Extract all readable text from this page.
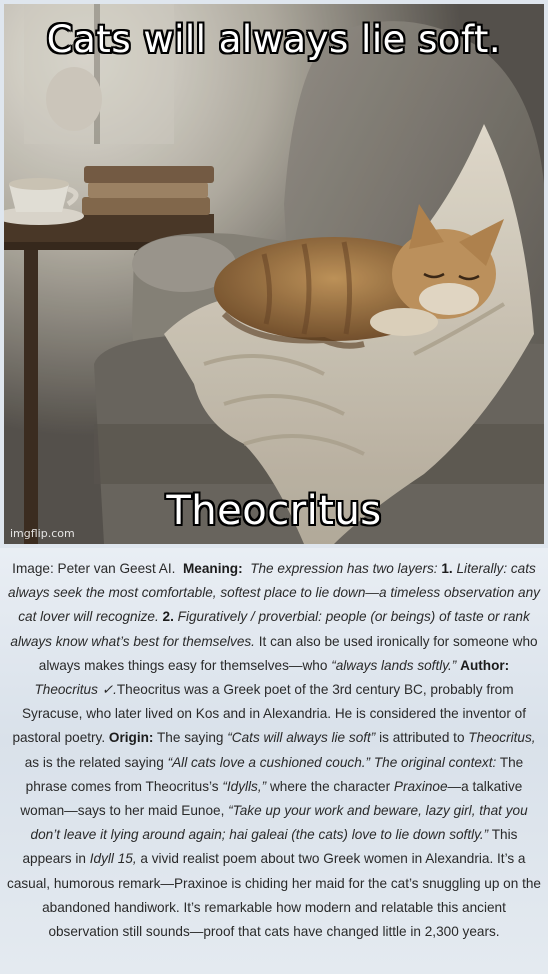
Cats will always lie soft.
Theocritus
imgflip.com

Image: Peter van Geest AI. Meaning: The expression has two layers: 1. Literally: cats always seek the most comfortable, softest place to lie down—a timeless observation any cat lover will recognize. 2. Figuratively / proverbial: people (or beings) of taste or rank always know what’s best for themselves. It can also be used ironically for someone who always makes things easy for themselves—who “always lands softly.” Author: Theocritus ✓.Theocritus was a Greek poet of the 3rd century BC, probably from Syracuse, who later lived on Kos and in Alexandria. He is considered the inventor of pastoral poetry. Origin: The saying “Cats will always lie soft” is attributed to Theocritus, as is the related saying “All cats love a cushioned couch.” The original context: The phrase comes from Theocritus’s “Idylls,” where the character Praxinoe—a talkative woman—says to her maid Eunoe, “Take up your work and beware, lazy girl, that you don’t leave it lying around again; hai galeai (the cats) love to lie down softly.” This appears in Idyll 15, a vivid realist poem about two Greek women in Alexandria. It’s a casual, humorous remark—Praxinoe is chiding her maid for the cat’s snuggling up on the abandoned handiwork. It’s remarkable how modern and relatable this ancient observation still sounds—proof that cats have changed little in 2,300 years.
